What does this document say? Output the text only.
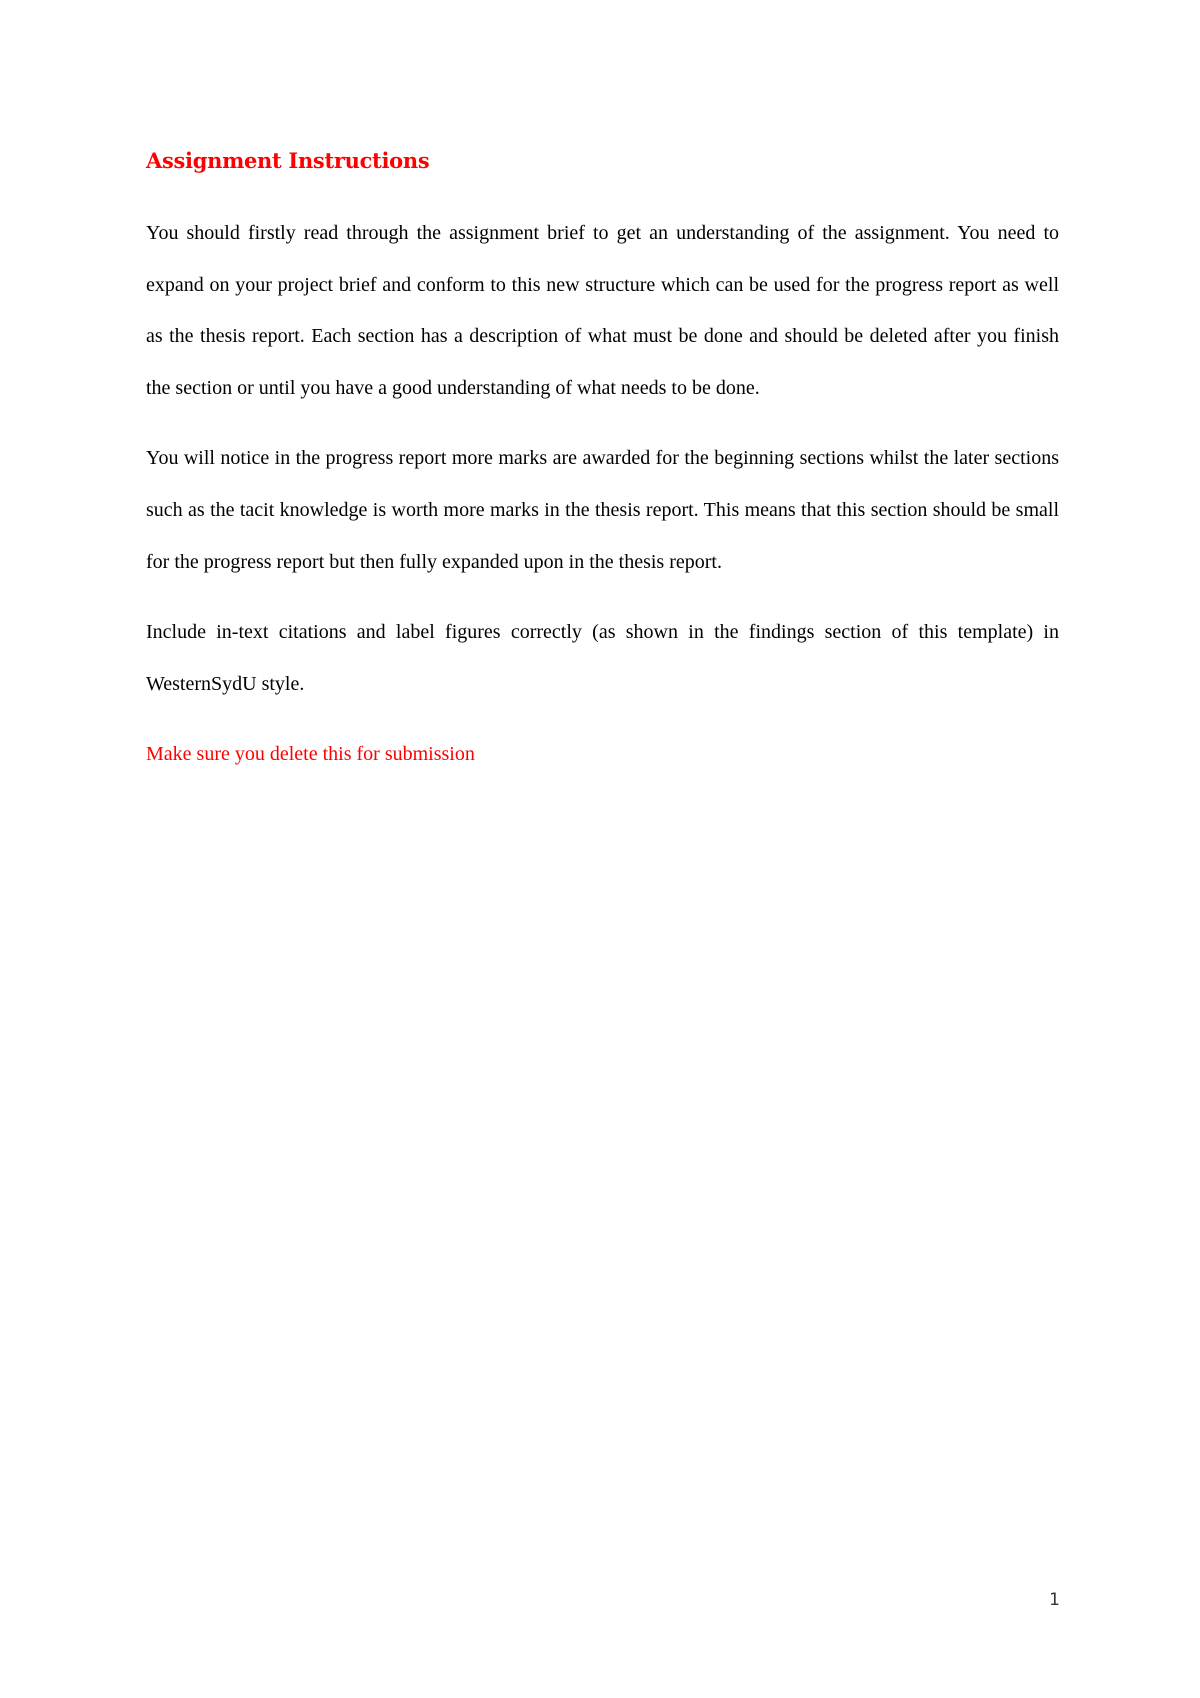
Assignment Instructions

You should firstly read through the assignment brief to get an understanding of the assignment. You need to expand on your project brief and conform to this new structure which can be used for the progress report as well as the thesis report. Each section has a description of what must be done and should be deleted after you finish the section or until you have a good understanding of what needs to be done.

You will notice in the progress report more marks are awarded for the beginning sections whilst the later sections such as the tacit knowledge is worth more marks in the thesis report. This means that this section should be small for the progress report but then fully expanded upon in the thesis report.

Include in-text citations and label figures correctly (as shown in the findings section of this template) in WesternSydU style.

Make sure you delete this for submission

1
